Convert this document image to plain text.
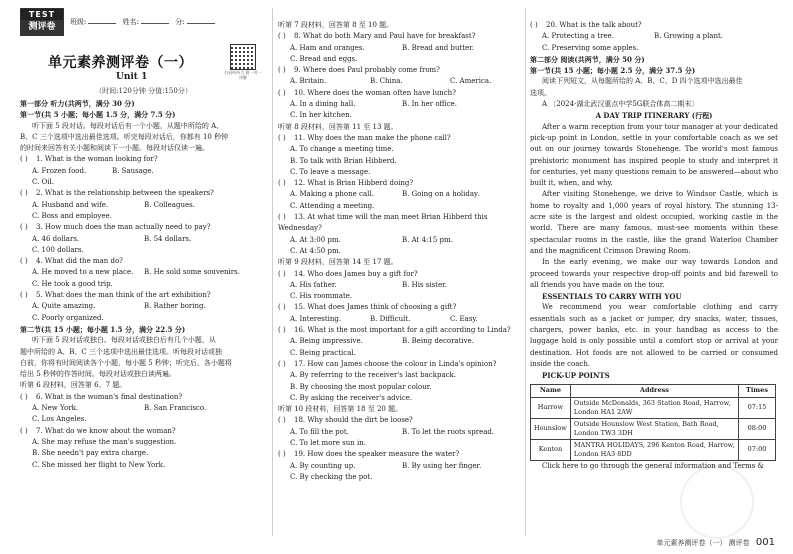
TEST
测评卷	班级:	姓名:	分:
单元素养测评卷（一）
Unit 1	扫码听听力 附一对一讲解
（时间:120分钟 分值:150分）
第一部分 听力(共两节，满分 30 分)
第一节(共 5 小题；每小题 1.5 分，满分 7.5 分)
听下面 5 段对话。每段对话后有一个小题，从题中所给的 A、
B、C 三个选项中选出最佳选项。听完每段对话后，你都有 10 秒钟
的时间来回答有关小题和阅读下一小题。每段对话仅读一遍。
( ) 1. What is the woman looking for?
A. Frozen food.	B. Sausage.
C. Oil.
( ) 2. What is the relationship between the speakers?
A. Husband and wife.	B. Colleagues.
C. Boss and employee.
( ) 3. How much does the man actually need to pay?
A. 46 dollars.	B. 54 dollars.
C. 100 dollars.
( ) 4. What did the man do?
A. He moved to a new place. B. He sold some souvenirs.
C. He took a good trip.
( ) 5. What does the man think of the art exhibition?
A. Quite amazing.	B. Rather boring.
C. Poorly organized.
第二节(共 15 小题；每小题 1.5 分，满分 22.5 分)
听下面 5 段对话或独白。每段对话或独白后有几个小题，从
题中所给的 A、B、C 三个选项中选出最佳选项。听每段对话或独
白前，你将有时间阅读各个小题，每小题 5 秒钟；听完后，各小题将
给出 5 秒钟的作答时间。每段对话或独白读两遍。
听第 6 段材料，回答第 6、7 题。
( ) 6. What is the woman's final destination?
A. New York.	B. San Francisco.
C. Los Angeles.
( ) 7. What do we know about the woman?
A. She may refuse the man's suggestion.
B. She needn't pay extra charge.
C. She missed her flight to New York.
听第 7 段材料，回答第 8 至 10 题。
( ) 8. What do both Mary and Paul have for breakfast?
A. Ham and oranges.	B. Bread and butter.
C. Bread and eggs.
( ) 9. Where does Paul probably come from?
A. Britain.	B. China.	C. America.
( ) 10. Where does the woman often have lunch?
A. In a dining hall.	B. In her office.
C. In her kitchen.
听第 8 段材料，回答第 11 至 13 题。
( ) 11. Why does the man make the phone call?
A. To change a meeting time.
B. To talk with Brian Hibberd.
C. To leave a message.
( ) 12. What is Brian Hibberd doing?
A. Making a phone call.	B. Going on a holiday.
C. Attending a meeting.
( ) 13. At what time will the man meet Brian Hibberd this
Wednesday?
A. At 3:00 pm.	B. At 4:15 pm.
C. At 4:50 pm.
听第 9 段材料，回答第 14 至 17 题。
( ) 14. Who does James buy a gift for?
A. His father.	B. His sister.
C. His roommate.
( ) 15. What does James think of choosing a gift?
A. Interesting.	B. Difficult.	C. Easy.
( ) 16. What is the most important for a gift according to Linda?
A. Being impressive.	B. Being decorative.
C. Being practical.
( ) 17. How can James choose the colour in Linda's opinion?
A. By referring to the receiver's last backpack.
B. By choosing the most popular colour.
C. By asking the receiver's advice.
听第 10 段材料，回答第 18 至 20 题。
( ) 18. Why should the dirt be loose?
A. To fill the pot.	B. To let the roots spread.
C. To let more sun in.
( ) 19. How does the speaker measure the water?
A. By counting up.	B. By using her finger.
C. By checking the pot.
( ) 20. What is the talk about?
A. Protecting a tree.	B. Growing a plant.
C. Preserving some apples.
第二部分 阅读(共两节，满分 50 分)
第一节(共 15 小题；每小题 2.5 分，满分 37.5 分)
阅读下列短文，从每题所给的 A、B、C、D 四个选项中选出最佳
选项。
A 〔2024·湖北武汉重点中学5G联合体高二期末〕
A DAY TRIP ITINERARY (行程)
After a warm reception from your tour manager at your dedicated pick-up point in London, settle in your comfortable coach as we set out on our journey towards Stonehenge. The world's most famous prehistoric monument has inspired people to study and interpret it for centuries, yet many questions remain to be answered—about who built it, when, and why.
After visiting Stonehenge, we drive to Windsor Castle, which is home to royalty and 1,000 years of royal history. The stunning 13-acre site is the largest and oldest occupied, working castle in the world. There are many famous, must-see moments within these spectacular rooms in the castle, like the grand Waterloo Chamber and the magnificent Crimson Drawing Room.
In the early evening, we make our way towards London and proceed towards your respective drop-off points and bid farewell to all friends you have made on the tour.
ESSENTIALS TO CARRY WITH YOU
We recommend you wear comfortable clothing and carry essentials such as a jacket or jumper, dry snacks, water, tissues, chargers, power banks, etc. in your handbag as access to the luggage hold is only possible until a comfort stop or arrival at your destination. Hot foods are not allowed to be carried or consumed inside the coach.
PICK-UP POINTS
Name	Address	Times
Harrow	Outside McDonalds, 363 Station Road, Harrow, London HA1 2AW	07:15
Hounslow	Outside Hounslow West Station, Bath Road, London TW3 3DH	08:00
Kenton	MANTRA HOLIDAYS, 296 Kenton Road, Harrow, London HA3 8DD	07:00
Click here to go through the general information and Terms &
单元素养测评卷（一） 测评卷 001
